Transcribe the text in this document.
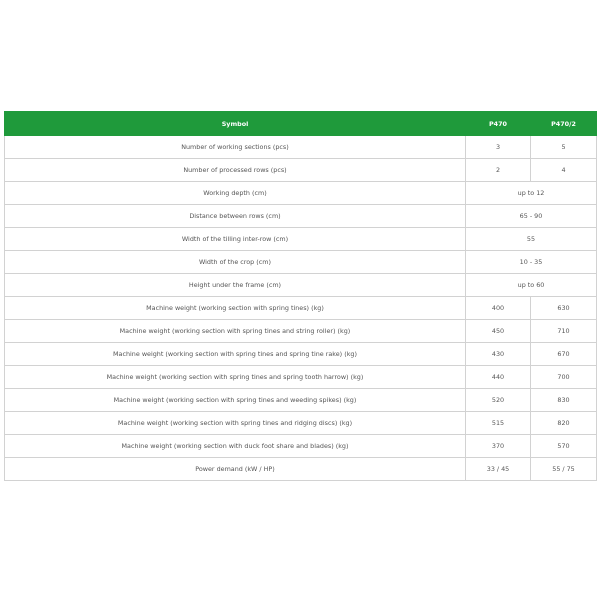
Symbol	P470	P470/2
Number of working sections (pcs)	3	5
Number of processed rows (pcs)	2	4
Working depth (cm)	up to 12	
Distance between rows (cm)	65 - 90	
Width of the tilling inter-row (cm)	55	
Width of the crop (cm)	10 - 35	
Height under the frame (cm)	up to 60	
Machine weight (working section with spring tines) (kg)	400	630
Machine weight (working section with spring tines and string roller) (kg)	450	710
Machine weight (working section with spring tines and spring tine rake) (kg)	430	670
Machine weight (working section with spring tines and spring tooth harrow) (kg)	440	700
Machine weight (working section with spring tines and weeding spikes) (kg)	520	830
Machine weight (working section with spring tines and ridging discs) (kg)	515	820
Machine weight (working section with duck foot share and blades) (kg)	370	570
Power demand (kW / HP)	33 / 45	55 / 75
